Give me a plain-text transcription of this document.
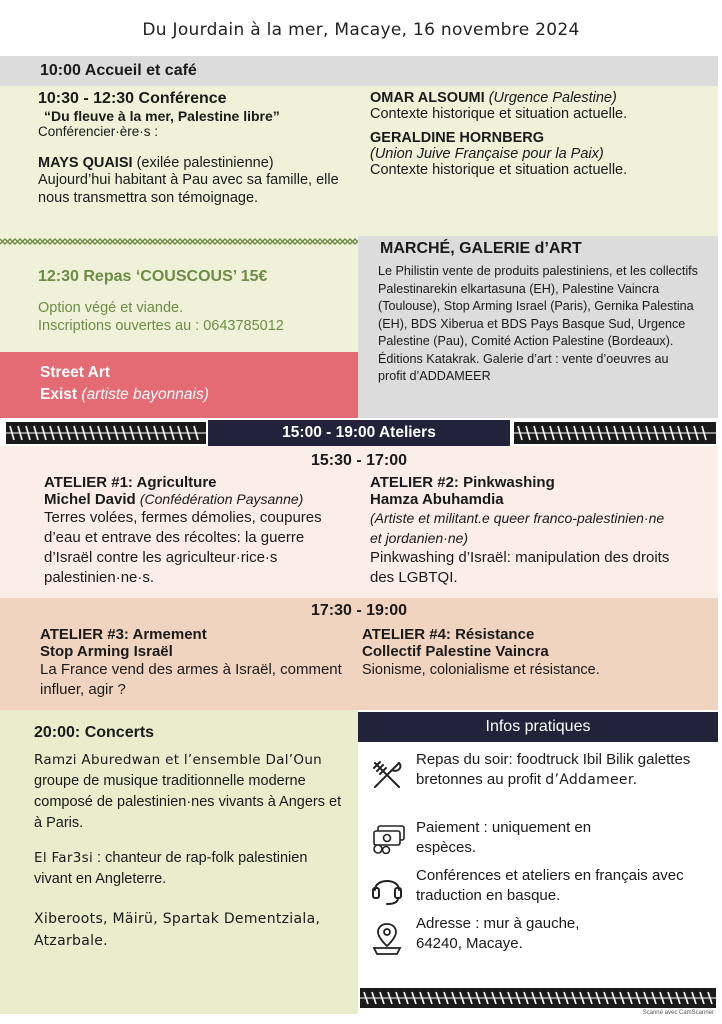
Du Jourdain à la mer, Macaye, 16 novembre 2024
10:00 Accueil et café

10:30 - 12:30 Conférence

“Du fleuve à la mer, Palestine libre”

Conférencier·ère·s :

MAYS QUAISI (exilée palestinienne)

Aujourd’hui habitant à Pau avec sa famille, elle nous transmettra son témoignage.

OMAR ALSOUMI (Urgence Palestine)

Contexte historique et situation actuelle.

GERALDINE HORNBERG

(Union Juive Française pour la Paix)

Contexte historique et situation actuelle.

12:30 Repas ‘COUSCOUS’ 15€
Option végé et viande.
Inscriptions ouvertes au : 0643785012
Street Art
Exist (artiste bayonnais)
MARCHÉ, GALERIE d’ART
Le Philistin vente de produits palestiniens, et les collectifs Palestinarekin elkartasuna (EH), Palestine Vaincra (Toulouse), Stop Arming Israel (Paris), Gernika Palestina (EH), BDS Xiberua et BDS Pays Basque Sud, Urgence Palestine (Pau), Comité Action Palestine (Bordeaux). Éditions Katakrak. Galerie d’art : vente d’oeuvres au profit d’ADDAMEER
15:00 - 19:00 Ateliers
15:30 - 17:00

ATELIER #1: Agriculture

Michel David (Confédération Paysanne)

Terres volées, fermes démolies, coupures d’eau et entrave des récoltes: la guerre d’Israël contre les agriculteur·rice·s palestinien·ne·s.

ATELIER #2: Pinkwashing

Hamza Abuhamdia

(Artiste et militant.e queer franco-palestinien·ne et jordanien·ne)

Pinkwashing d’Israël: manipulation des droits des LGBTQI.

17:30 - 19:00

ATELIER #3: Armement

Stop Arming Israël

La France vend des armes à Israël, comment influer, agir ?

ATELIER #4: Résistance

Collectif Palestine Vaincra

Sionisme, colonialisme et résistance.

20:00: Concerts
Ramzi Aburedwan et l’ensemble Dal’Oun groupe de musique traditionnelle moderne composé de palestinien·nes vivants à Angers et à Paris.
El Far3si : chanteur de rap-folk palestinien vivant en Angleterre.
Xiberoots, Mäirü, Spartak Dementziala, Atzarbale.
Infos pratiques
Repas du soir: foodtruck Ibil Bilik galettes bretonnes au profit d’Addameer.
Paiement : uniquement en espèces.
Conférences et ateliers en français avec traduction en basque.
Adresse : mur à gauche, 64240, Macaye.
Scanné avec CamScanner
